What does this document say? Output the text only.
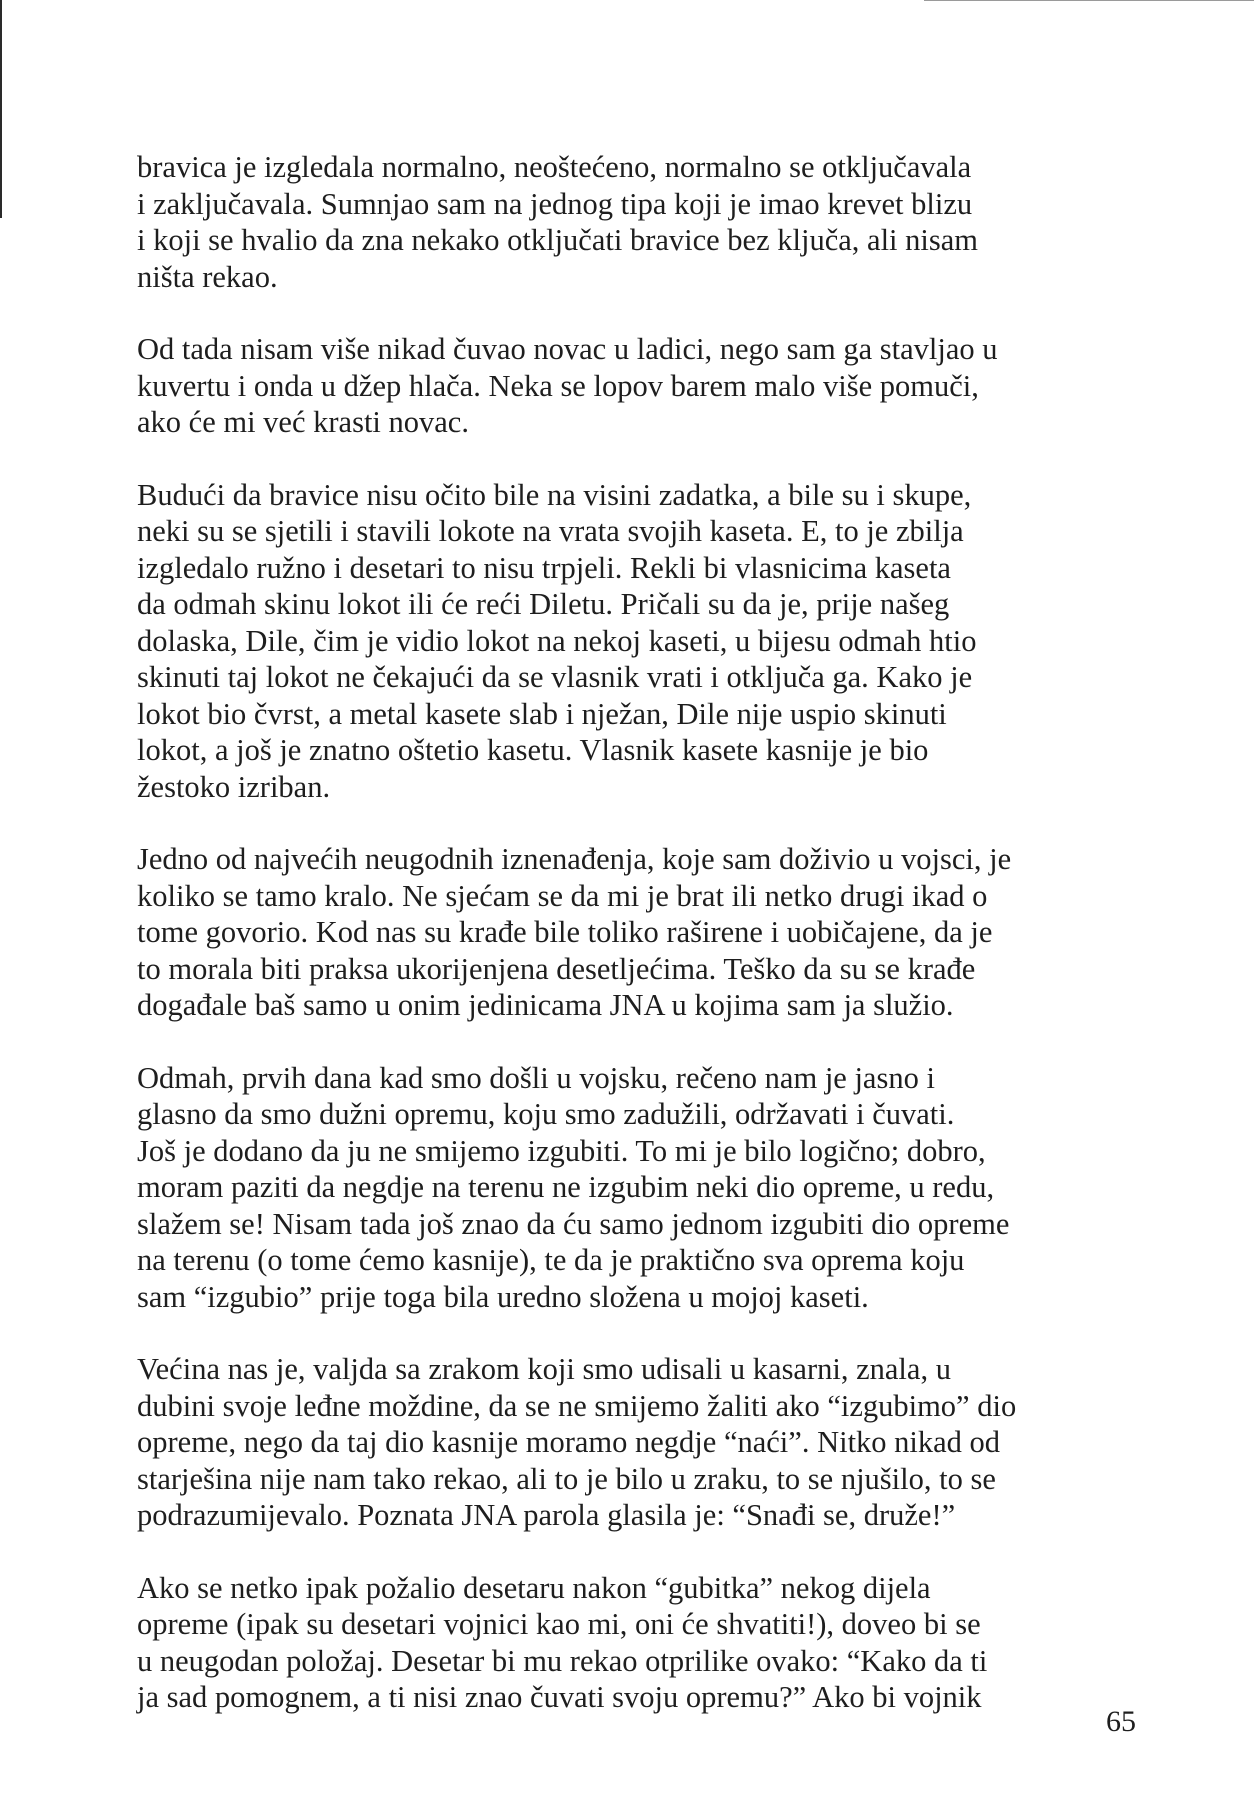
bravica je izgledala normalno, neoštećeno, normalno se otključavala
i zaključavala. Sumnjao sam na jednog tipa koji je imao krevet blizu
i koji se hvalio da zna nekako otključati bravice bez ključa, ali nisam
ništa rekao.

Od tada nisam više nikad čuvao novac u ladici, nego sam ga stavljao u
kuvertu i onda u džep hlača. Neka se lopov barem malo više pomuči,
ako će mi već krasti novac.

Budući da bravice nisu očito bile na visini zadatka, a bile su i skupe,
neki su se sjetili i stavili lokote na vrata svojih kaseta. E, to je zbilja
izgledalo ružno i desetari to nisu trpjeli. Rekli bi vlasnicima kaseta
da odmah skinu lokot ili će reći Diletu. Pričali su da je, prije našeg
dolaska, Dile, čim je vidio lokot na nekoj kaseti, u bijesu odmah htio
skinuti taj lokot ne čekajući da se vlasnik vrati i otključa ga. Kako je
lokot bio čvrst, a metal kasete slab i nježan, Dile nije uspio skinuti
lokot, a još je znatno oštetio kasetu. Vlasnik kasete kasnije je bio
žestoko izriban.

Jedno od najvećih neugodnih iznenađenja, koje sam doživio u vojsci, je
koliko se tamo kralo. Ne sjećam se da mi je brat ili netko drugi ikad o
tome govorio. Kod nas su krađe bile toliko raširene i uobičajene, da je
to morala biti praksa ukorijenjena desetljećima. Teško da su se krađe
događale baš samo u onim jedinicama JNA u kojima sam ja služio.

Odmah, prvih dana kad smo došli u vojsku, rečeno nam je jasno i
glasno da smo dužni opremu, koju smo zadužili, održavati i čuvati.
Još je dodano da ju ne smijemo izgubiti. To mi je bilo logično; dobro,
moram paziti da negdje na terenu ne izgubim neki dio opreme, u redu,
slažem se! Nisam tada još znao da ću samo jednom izgubiti dio opreme
na terenu (o tome ćemo kasnije), te da je praktično sva oprema koju
sam “izgubio” prije toga bila uredno složena u mojoj kaseti.

Većina nas je, valjda sa zrakom koji smo udisali u kasarni, znala, u
dubini svoje leđne moždine, da se ne smijemo žaliti ako “izgubimo” dio
opreme, nego da taj dio kasnije moramo negdje “naći”. Nitko nikad od
starješina nije nam tako rekao, ali to je bilo u zraku, to se njušilo, to se
podrazumijevalo. Poznata JNA parola glasila je: “Snađi se, druže!”

Ako se netko ipak požalio desetaru nakon “gubitka” nekog dijela
opreme (ipak su desetari vojnici kao mi, oni će shvatiti!), doveo bi se
u neugodan položaj. Desetar bi mu rekao otprilike ovako: “Kako da ti
ja sad pomognem, a ti nisi znao čuvati svoju opremu?” Ako bi vojnik

65
